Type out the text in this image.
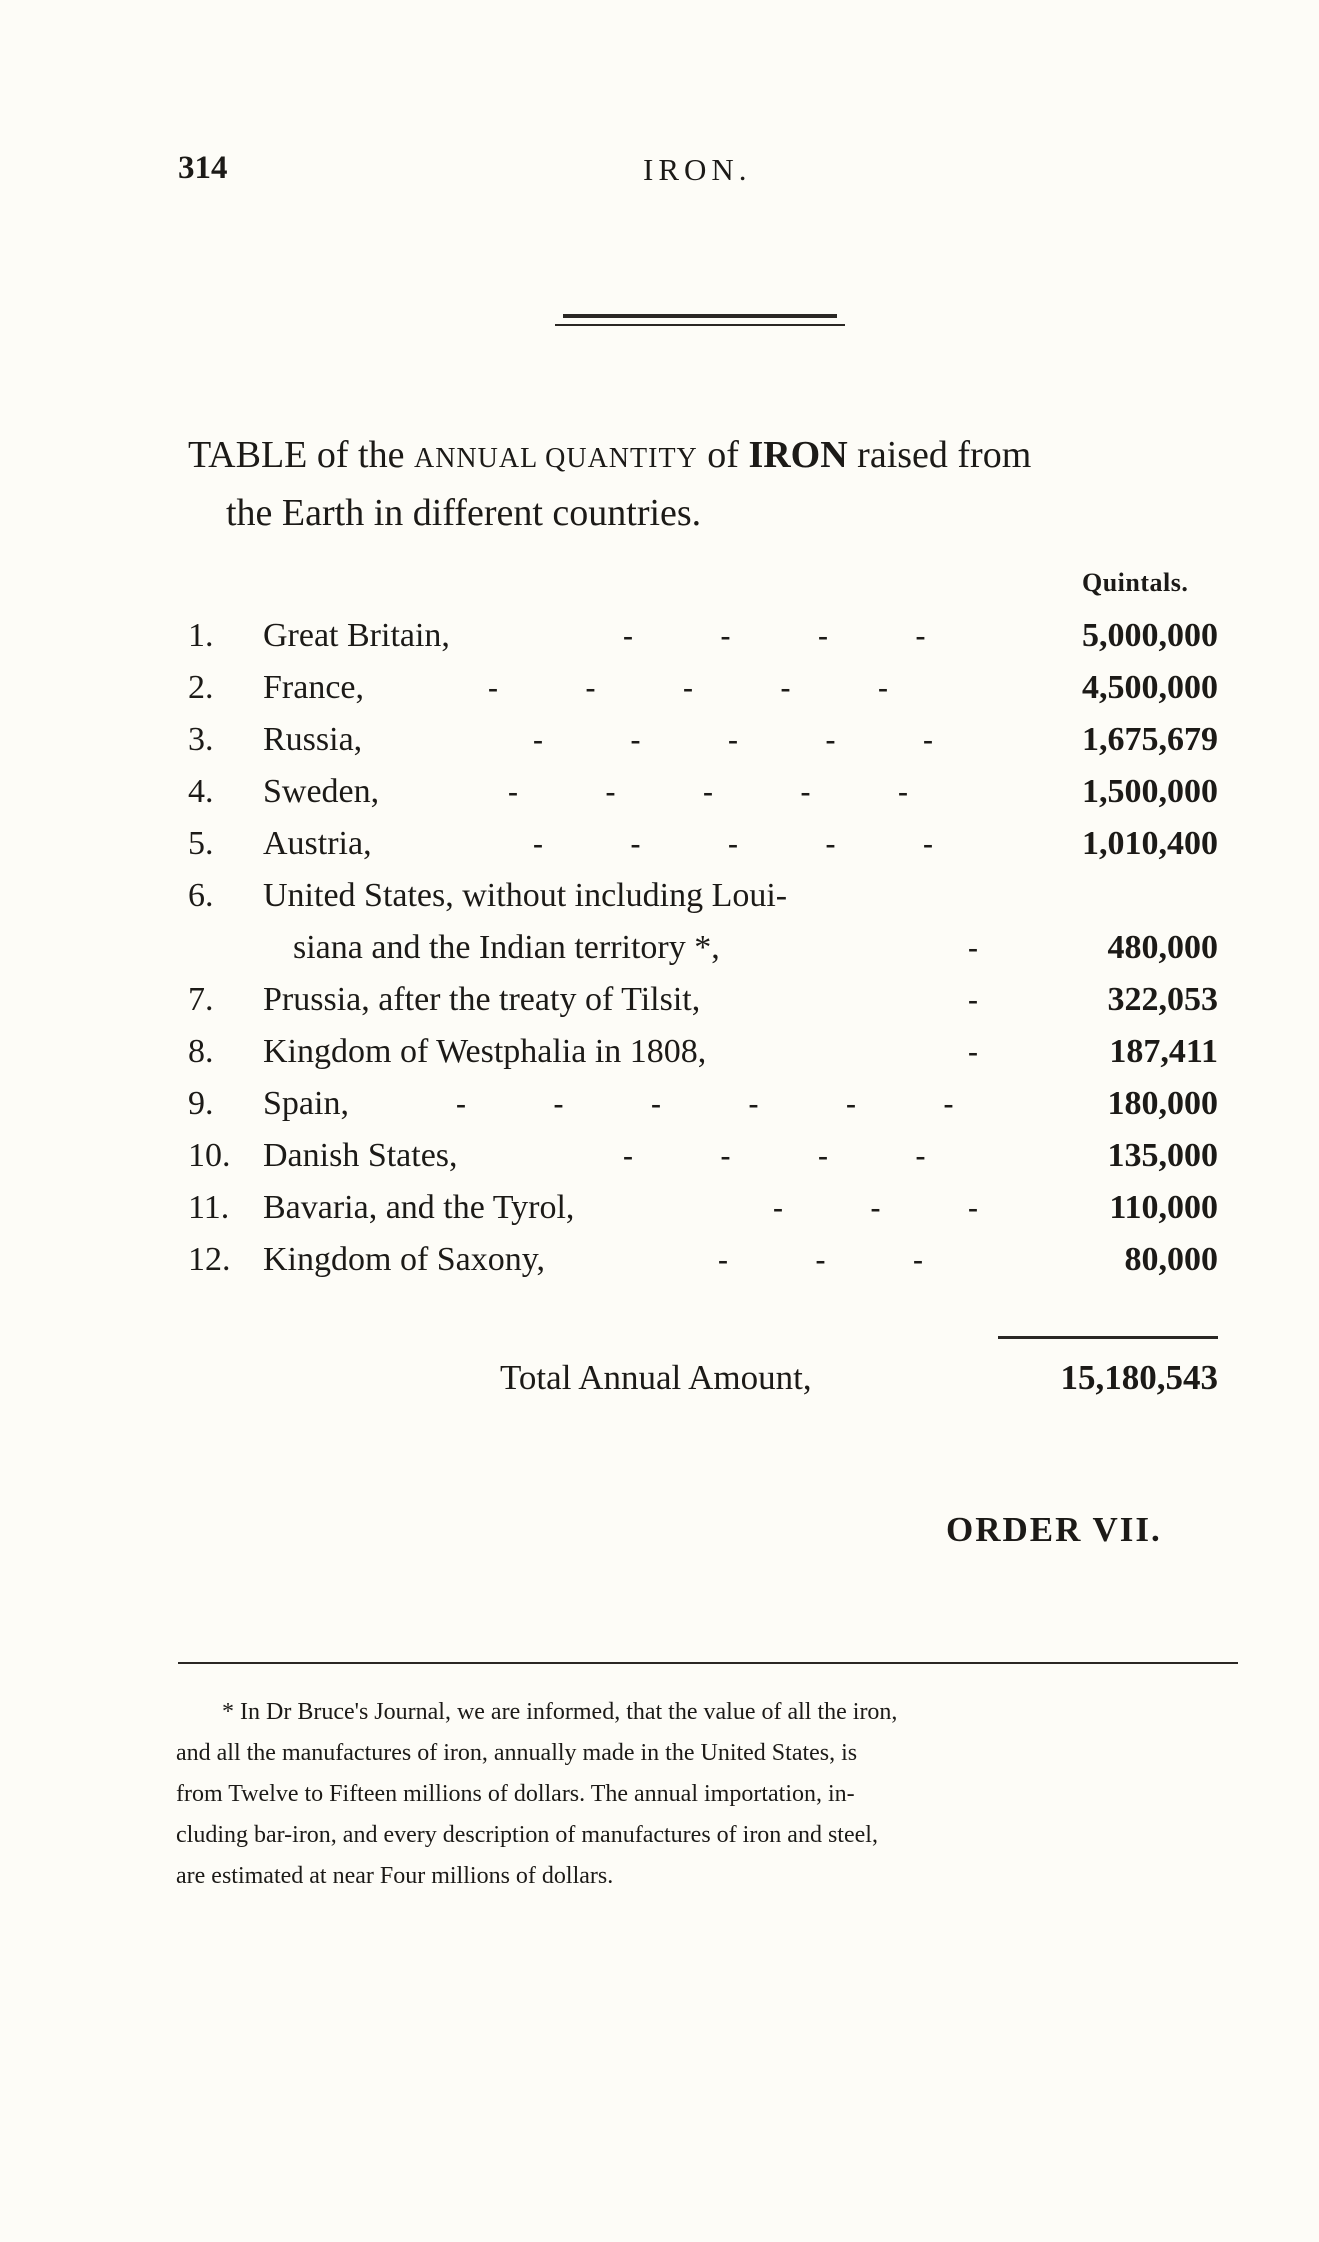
314	IRON.
TABLE of the ANNUAL QUANTITY of IRON raised from
the Earth in different countries.
Quintals.
1.	Great Britain,	- - - -	5,000,000
2.	France,	- - - - -	4,500,000
3.	Russia,	- - - - -	1,675,679
4.	Sweden,	- - - - -	1,500,000
5.	Austria,	- - - - -	1,010,400
6.	United States, without including Loui-
siana and the Indian territory *,	-	480,000
7.	Prussia, after the treaty of Tilsit,	-	322,053
8.	Kingdom of Westphalia in 1808,	-	187,411
9.	Spain,	- - - - - -	180,000
10. Danish States,	- - - -	135,000
11. Bavaria, and the Tyrol,	- - -	110,000
12. Kingdom of Saxony,	- - -	80,000
Total Annual Amount,	15,180,543
ORDER VII.
* In Dr Bruce's Journal, we are informed, that the value of all the iron,
and all the manufactures of iron, annually made in the United States, is
from Twelve to Fifteen millions of dollars. The annual importation, in-
cluding bar-iron, and every description of manufactures of iron and steel,
are estimated at near Four millions of dollars.
